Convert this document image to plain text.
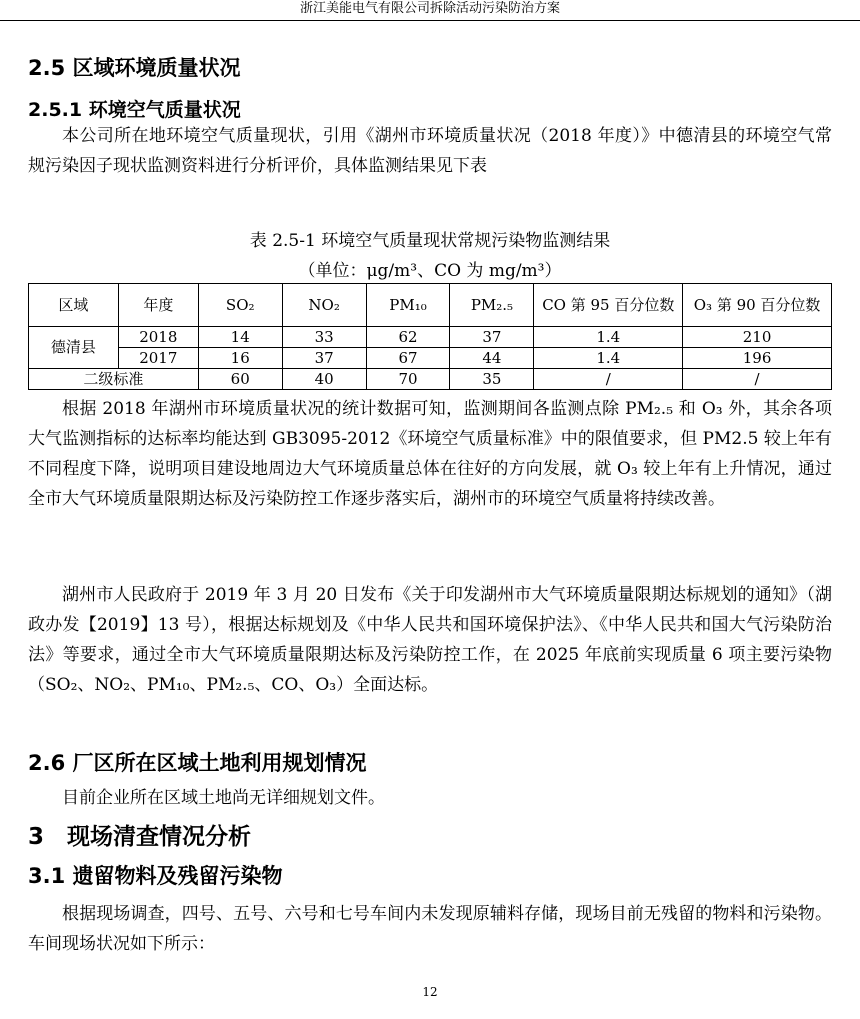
浙江美能电气有限公司拆除活动污染防治方案
2.5 区域环境质量状况
2.5.1 环境空气质量状况

本公司所在地环境空气质量现状，引用《湖州市环境质量状况（2018 年度）》中德清县的环境空气常规污染因子现状监测资料进行分析评价，具体监测结果见下表

表 2.5-1 环境空气质量现状常规污染物监测结果
（单位：μg/m³、CO 为 mg/m³）
区域	年度	SO₂	NO₂	PM₁₀	PM₂.₅	CO 第 95 百分位数	O₃ 第 90 百分位数
德清县	2018	14	33	62	37	1.4	210
	2017	16	37	67	44	1.4	196
二级标准		60	40	70	35	/	/

根据 2018 年湖州市环境质量状况的统计数据可知，监测期间各监测点除 PM₂.₅ 和 O₃ 外，其余各项大气监测指标的达标率均能达到 GB3095-2012《环境空气质量标准》中的限值要求，但 PM2.5 较上年有不同程度下降，说明项目建设地周边大气环境质量总体在往好的方向发展，就 O₃ 较上年有上升情况，通过全市大气环境质量限期达标及污染防控工作逐步落实后，湖州市的环境空气质量将持续改善。

湖州市人民政府于 2019 年 3 月 20 日发布《关于印发湖州市大气环境质量限期达标规划的通知》（湖政办发【2019】13 号），根据达标规划及《中华人民共和国环境保护法》、《中华人民共和国大气污染防治法》等要求，通过全市大气环境质量限期达标及污染防控工作，在 2025 年底前实现质量 6 项主要污染物（SO₂、NO₂、PM₁₀、PM₂.₅、CO、O₃）全面达标。

2.6 厂区所在区域土地利用规划情况

目前企业所在区域土地尚无详细规划文件。

3　现场清查情况分析
3.1 遗留物料及残留污染物

根据现场调查，四号、五号、六号和七号车间内未发现原辅料存储，现场目前无残留的物料和污染物。车间现场状况如下所示：

12
